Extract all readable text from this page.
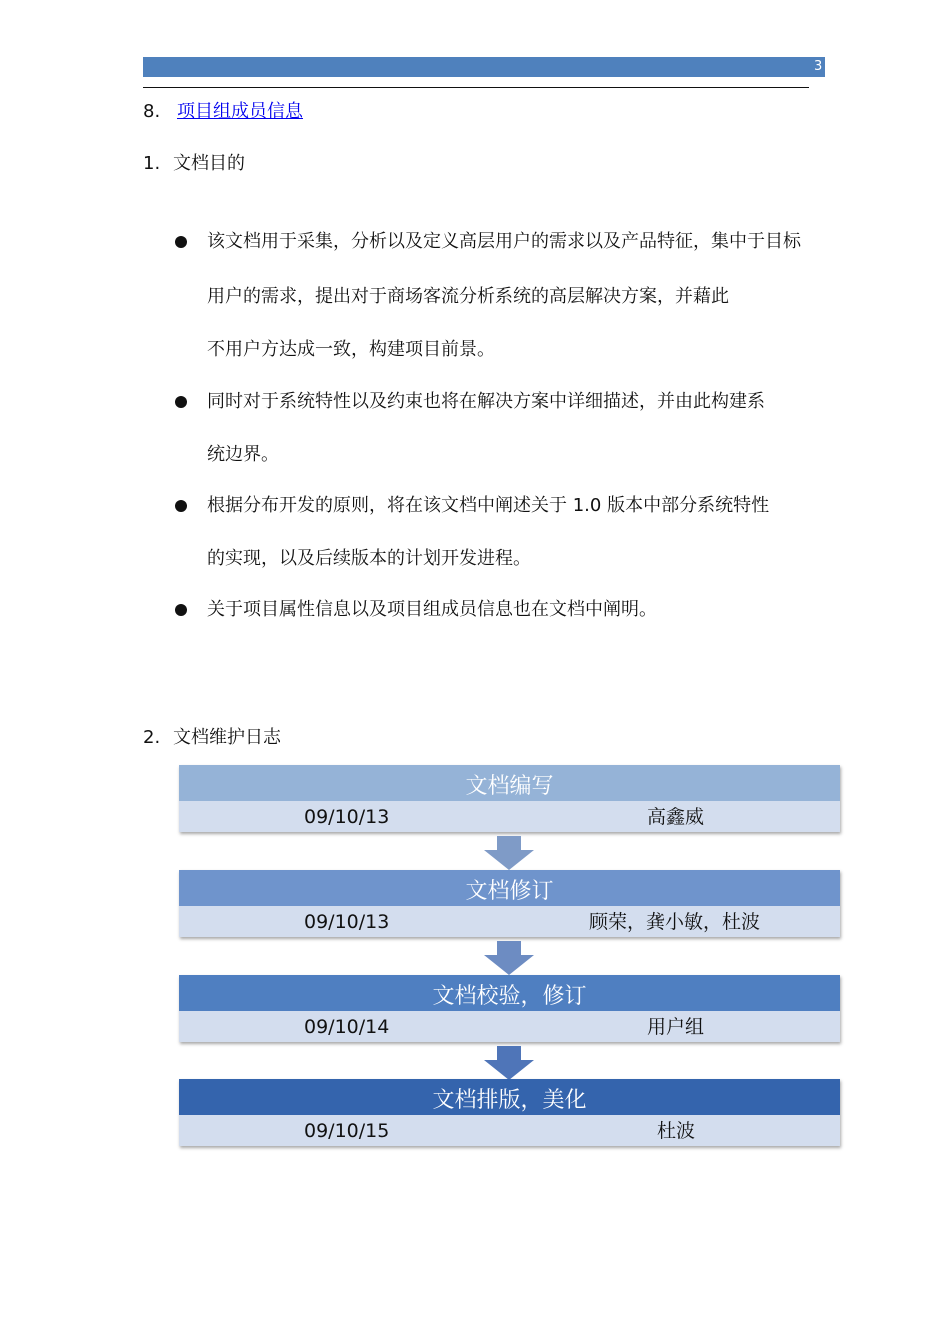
3
8. 项目组成员信息
1. 文档目的
该文档用于采集，分析以及定义高层用户的需求以及产品特征，集中于目标
用户的需求，提出对于商场客流分析系统的高层解决方案，并藉此
不用户方达成一致，构建项目前景。
同时对于系统特性以及约束也将在解决方案中详细描述，并由此构建系
统边界。
根据分布开发的原则，将在该文档中阐述关于 1.0 版本中部分系统特性
的实现，以及后续版本的计划开发进程。
关于项目属性信息以及项目组成员信息也在文档中阐明。
2. 文档维护日志
文档编写
09/10/13	高鑫威
文档修订
09/10/13	顾荣，龚小敏，杜波
文档校验，修订
09/10/14	用户组
文档排版，美化
09/10/15	杜波
